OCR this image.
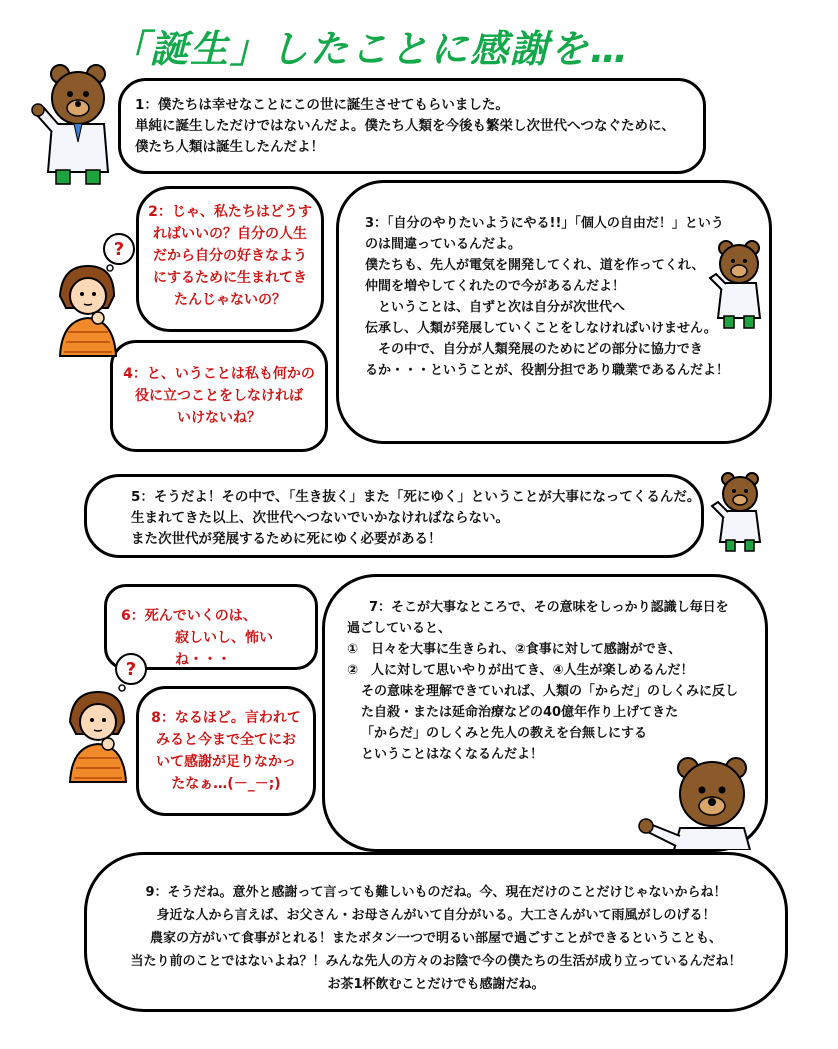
「誕生」したことに感謝を…
1：僕たちは幸せなことにこの世に誕生させてもらいました。
単純に誕生しただけではないんだよ。僕たち人類を今後も繁栄し次世代へつなぐために、
僕たち人類は誕生したんだよ！
2：じゃ、私たちはどうす
ればいいの？自分の人生
だから自分の好きなよう
にするために生まれてき
たんじゃないの？
3：「自分のやりたいようにやる!!」「個人の自由だ！」という
のは間違っているんだよ。
僕たちも、先人が電気を開発してくれ、道を作ってくれ、
仲間を増やしてくれたので今があるんだよ！
　ということは、自ずと次は自分が次世代へ
伝承し、人類が発展していくことをしなければいけません。
　その中で、自分が人類発展のためにどの部分に協力でき
るか・・・ということが、役割分担であり職業であるんだよ！
4：と、いうことは私も何かの
役に立つことをしなければ
いけないね？
5：そうだよ！その中で、「生き抜く」また「死にゆく」ということが大事になってくるんだ。
生まれてきた以上、次世代へつないでいかなければならない。
また次世代が発展するために死にゆく必要がある！
6：死んでいくのは、
寂しいし、怖いね・・・
7：そこが大事なところで、その意味をしっかり認識し毎日を
過ごしていると、
①　日々を大事に生きられ、②食事に対して感謝ができ、
②　人に対して思いやりが出てき、④人生が楽しめるんだ！
その意味を理解できていれば、人類の「からだ」のしくみに反し
た自殺・または延命治療などの40億年作り上げてきた
「からだ」のしくみと先人の教えを台無しにする
ということはなくなるんだよ！
8：なるほど。言われて
みると今まで全てにお
いて感謝が足りなかっ
たなぁ…(－_－;)
9：そうだね。意外と感謝って言っても難しいものだね。今、現在だけのことだけじゃないからね！
身近な人から言えば、お父さん・お母さんがいて自分がいる。大工さんがいて雨風がしのげる！
農家の方がいて食事がとれる！またボタン一つで明るい部屋で過ごすことができるということも、
当たり前のことではないよね？！みんな先人の方々のお陰で今の僕たちの生活が成り立っているんだね！
お茶1杯飲むことだけでも感謝だね。
?
?
